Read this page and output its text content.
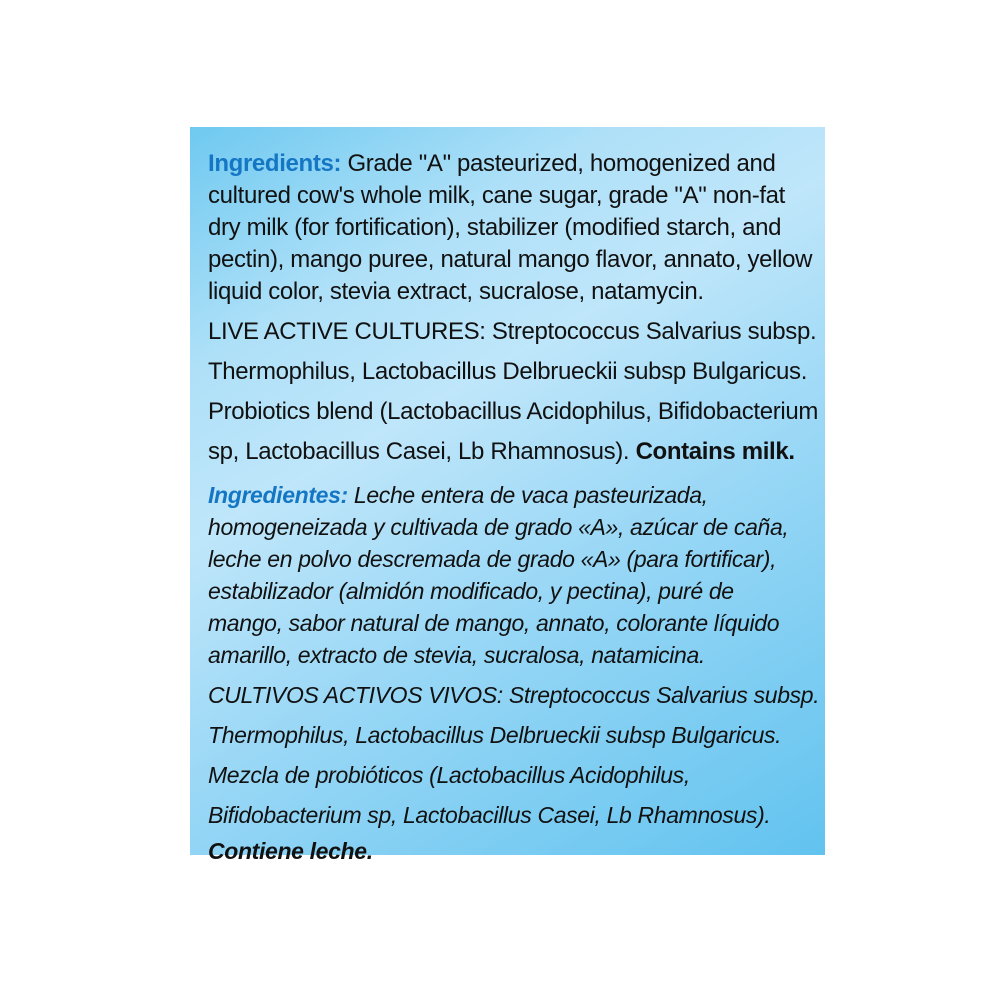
Ingredients: Grade "A" pasteurized, homogenized and
cultured cow's whole milk, cane sugar, grade "A" non-fat
dry milk (for fortification), stabilizer (modified starch, and
pectin), mango puree, natural mango flavor, annato, yellow
liquid color, stevia extract, sucralose, natamycin.
LIVE ACTIVE CULTURES: Streptococcus Salvarius subsp.
Thermophilus, Lactobacillus Delbrueckii subsp Bulgaricus.
Probiotics blend (Lactobacillus Acidophilus, Bifidobacterium
sp, Lactobacillus Casei, Lb Rhamnosus). Contains milk.
Ingredientes: Leche entera de vaca pasteurizada,
homogeneizada y cultivada de grado «A», azúcar de caña,
leche en polvo descremada de grado «A» (para fortificar),
estabilizador (almidón modificado, y pectina), puré de
mango, sabor natural de mango, annato, colorante líquido
amarillo, extracto de stevia, sucralosa, natamicina.
CULTIVOS ACTIVOS VIVOS: Streptococcus Salvarius subsp.
Thermophilus, Lactobacillus Delbrueckii subsp Bulgaricus.
Mezcla de probióticos (Lactobacillus Acidophilus,
Bifidobacterium sp, Lactobacillus Casei, Lb Rhamnosus).
Contiene leche.
